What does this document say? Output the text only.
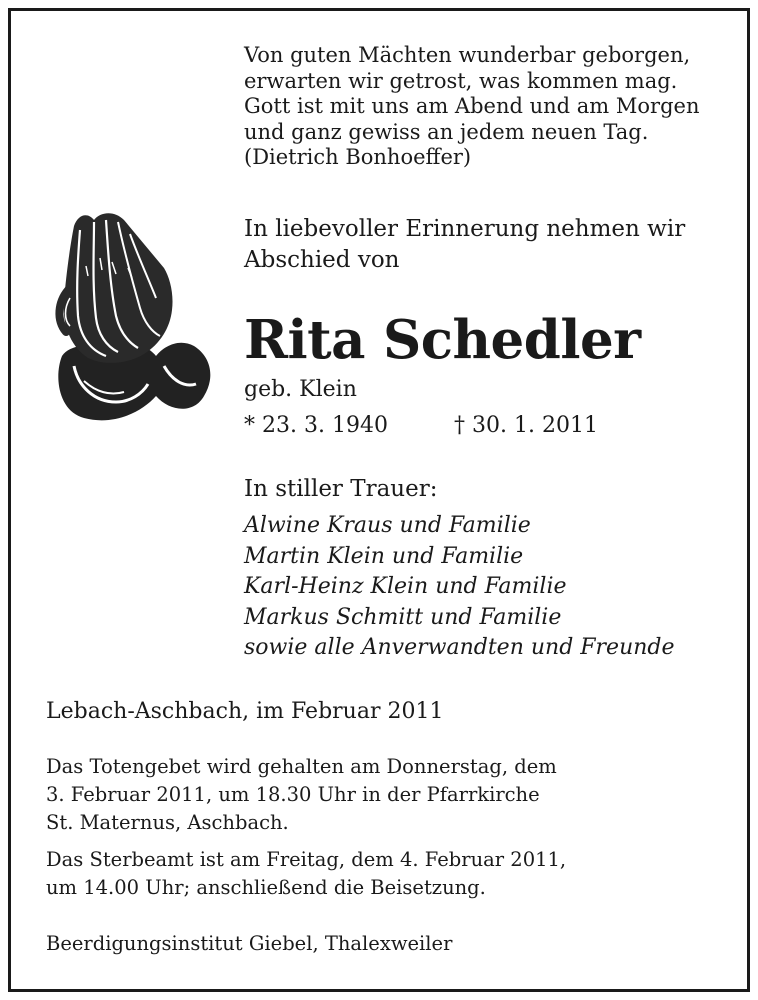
Von guten Mächten wunderbar geborgen,
erwarten wir getrost, was kommen mag.
Gott ist mit uns am Abend und am Morgen
und ganz gewiss an jedem neuen Tag.
(Dietrich Bonhoeffer)

In liebevoller Erinnerung nehmen wir
Abschied von

Rita Schedler
geb. Klein
* 23. 3. 1940	† 30. 1. 2011
In stiller Trauer:

Alwine Kraus und Familie
Martin Klein und Familie
Karl-Heinz Klein und Familie
Markus Schmitt und Familie
sowie alle Anverwandten und Freunde

Lebach-Aschbach, im Februar 2011

Das Totengebet wird gehalten am Donnerstag, dem
3. Februar 2011, um 18.30 Uhr in der Pfarrkirche
St. Maternus, Aschbach.

Das Sterbeamt ist am Freitag, dem 4. Februar 2011,
um 14.00 Uhr; anschließend die Beisetzung.

Beerdigungsinstitut Giebel, Thalexweiler
